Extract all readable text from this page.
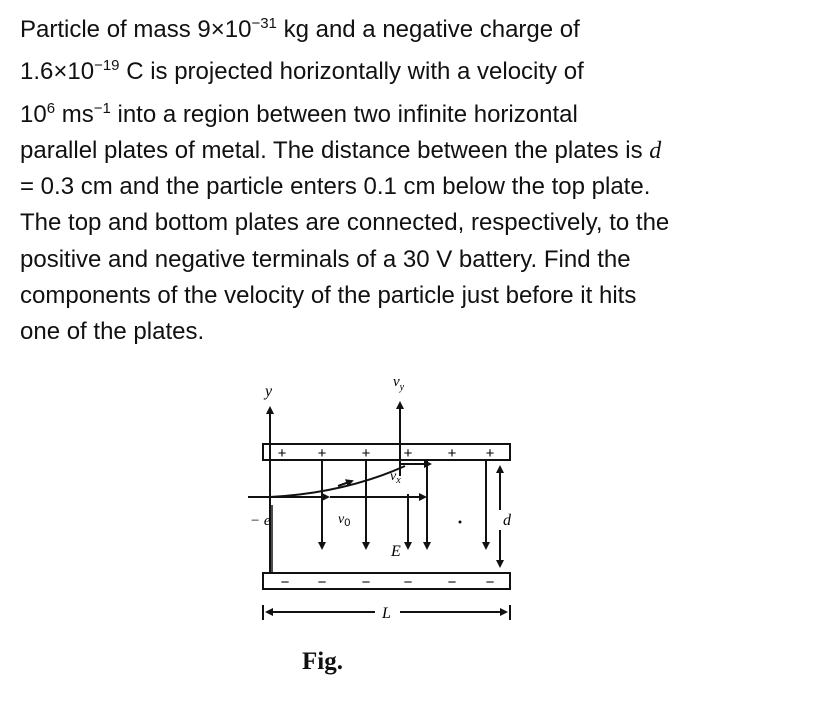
Particle of mass $9\times 10^{-31}$ kg and a negative charge of

$1.6\times 10^{-19}$ C is projected horizontally with a velocity of

$10^6$ $ms^{-1}$ into a region between two infinite horizontal

parallel plates of metal. The distance between the plates is d

= 0.3 cm and the particle enters 0.1 cm below the top plate.

The top and bottom plates are connected, respectively, to the

positive and negative terminals of a 30 V battery. Find the

components of the velocity of the particle just before it hits

one of the plates.

+ + + + + +
− − − − − −
y
$v_y$
$v_x$
− e	$v_0$
E
d
L
Fig.
